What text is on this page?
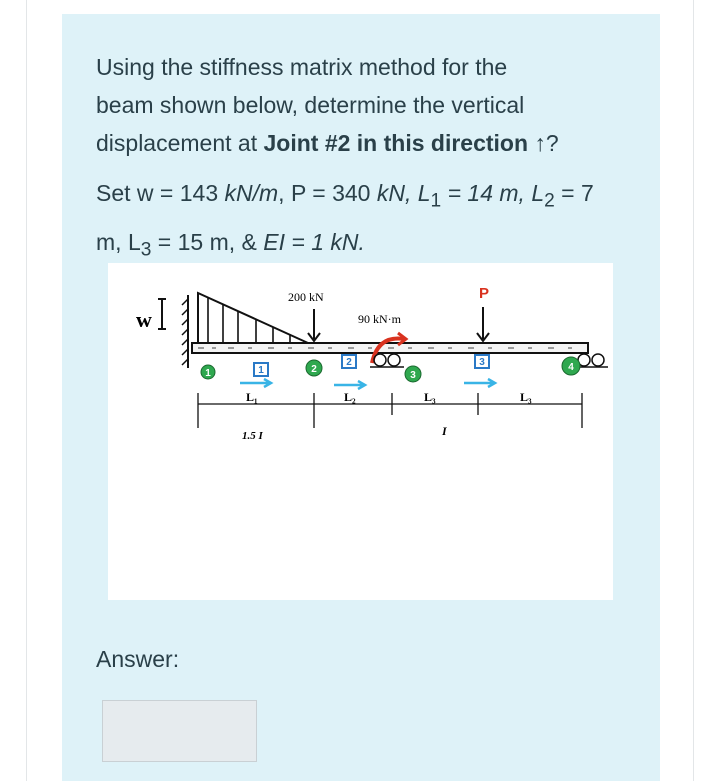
Using the stiffness matrix method for the
beam shown below, determine the vertical
displacement at Joint #2 in this direction ↑?
Set w = 143 kN/m, P = 340 kN, $L_1 = 14$ m, $L_2 = 7$
m, $L_3 = 15$ m, & EI = 1 kN.
w
200 kN
90 kN·m
P
1	2
3
4
1
2	3
L₁	L₂	L₃	L₃
1.5 I	I
Answer:
